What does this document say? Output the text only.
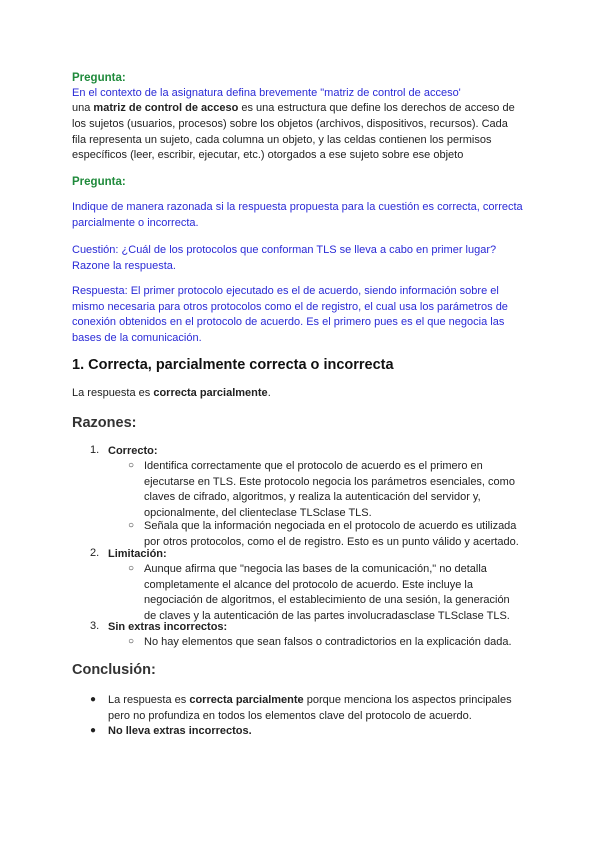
Pregunta:
En el contexto de la asignatura defina brevemente "matriz de control de acceso'
una matriz de control de acceso es una estructura que define los derechos de acceso de
los sujetos (usuarios, procesos) sobre los objetos (archivos, dispositivos, recursos). Cada fila representa un sujeto, cada columna un objeto, y las celdas contienen los permisos específicos (leer, escribir, ejecutar, etc.) otorgados a ese sujeto sobre ese objeto
Pregunta:
Indique de manera razonada si la respuesta propuesta para la cuestión es correcta, correcta parcialmente o incorrecta.
Cuestión: ¿Cuál de los protocolos que conforman TLS se lleva a cabo en primer lugar? Razone la respuesta.
Respuesta: El primer protocolo ejecutado es el de acuerdo, siendo información sobre el mismo necesaria para otros protocolos como el de registro, el cual usa los parámetros de conexión obtenidos en el protocolo de acuerdo. Es el primero pues es el que negocia las bases de la comunicación.
1. Correcta, parcialmente correcta o incorrecta
La respuesta es correcta parcialmente.
Razones:
1. Correcto:
○ Identifica correctamente que el protocolo de acuerdo es el primero en ejecutarse en TLS. Este protocolo negocia los parámetros esenciales, como claves de cifrado, algoritmos, y realiza la autenticación del servidor y, opcionalmente, del clienteclase TLSclase TLS.
○ Señala que la información negociada en el protocolo de acuerdo es utilizada por otros protocolos, como el de registro. Esto es un punto válido y acertado.
2. Limitación:
○ Aunque afirma que "negocia las bases de la comunicación," no detalla completamente el alcance del protocolo de acuerdo. Este incluye la negociación de algoritmos, el establecimiento de una sesión, la generación de claves y la autenticación de las partes involucradasclase TLSclase TLS.
3. Sin extras incorrectos:
○ No hay elementos que sean falsos o contradictorios en la explicación dada.
Conclusión:
● La respuesta es correcta parcialmente porque menciona los aspectos principales pero no profundiza en todos los elementos clave del protocolo de acuerdo.
● No lleva extras incorrectos.
